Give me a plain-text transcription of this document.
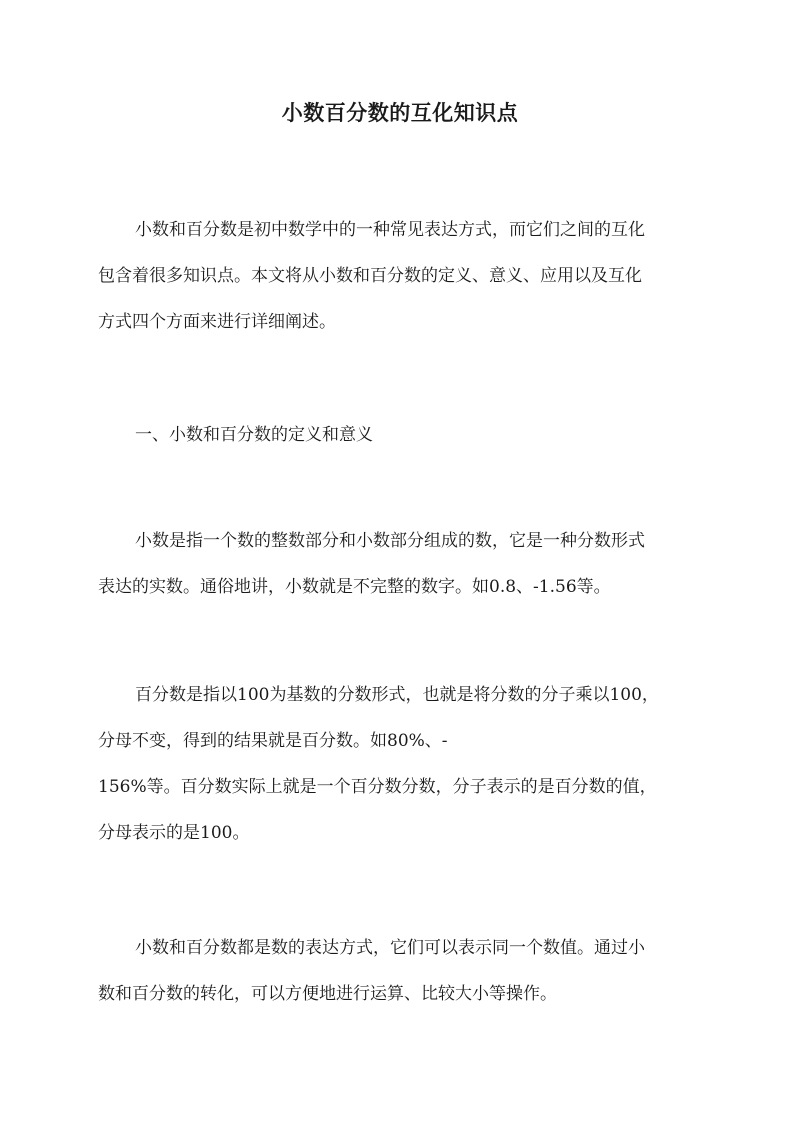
小数百分数的互化知识点

小数和百分数是初中数学中的一种常见表达方式，而它们之间的互化
包含着很多知识点。本文将从小数和百分数的定义、意义、应用以及互化
方式四个方面来进行详细阐述。

一、小数和百分数的定义和意义

小数是指一个数的整数部分和小数部分组成的数，它是一种分数形式
表达的实数。通俗地讲，小数就是不完整的数字。如0.8、-1.56等。

百分数是指以100为基数的分数形式，也就是将分数的分子乘以100，
分母不变，得到的结果就是百分数。如80%、-
156%等。百分数实际上就是一个百分数分数，分子表示的是百分数的值，
分母表示的是100。

小数和百分数都是数的表达方式，它们可以表示同一个数值。通过小
数和百分数的转化，可以方便地进行运算、比较大小等操作。
